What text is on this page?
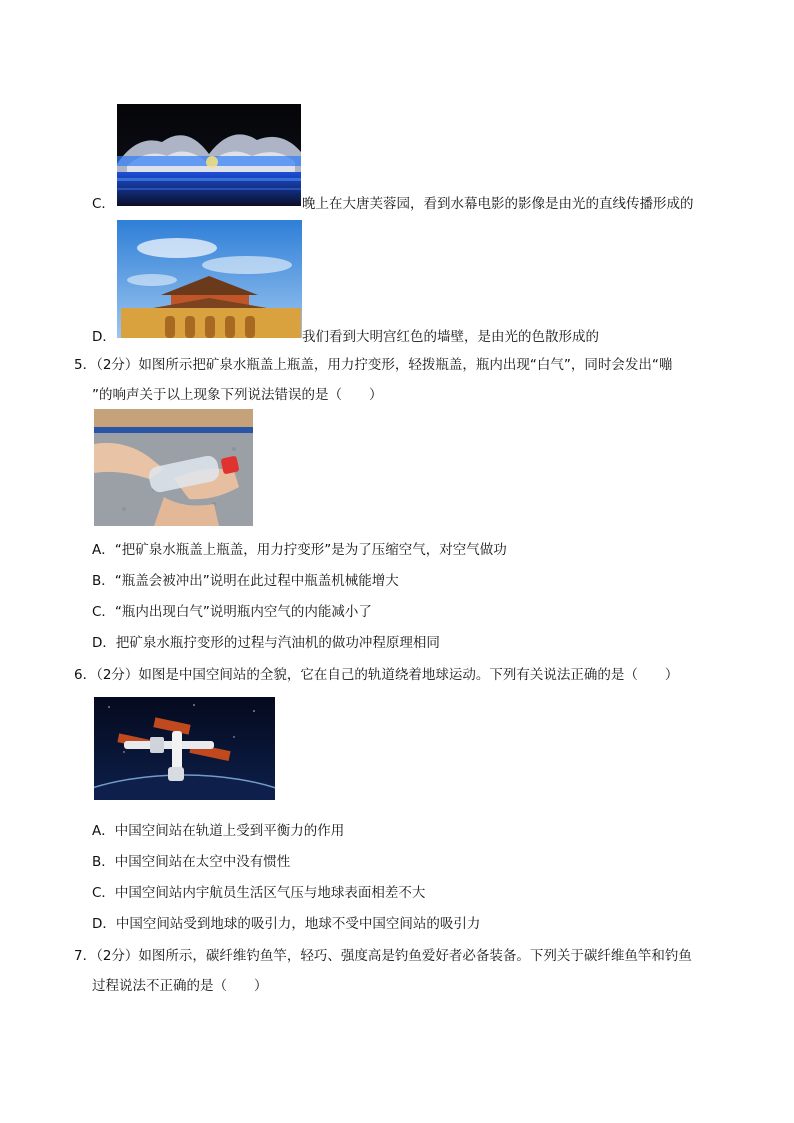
C．	晚上在大唐芙蓉园，看到水幕电影的影像是由光的直线传播形成的
D．	我们看到大明宫红色的墙壁，是由光的色散形成的
5．（2分）如图所示把矿泉水瓶盖上瓶盖，用力拧变形，轻拨瓶盖，瓶内出现“白气”，同时会发出“嘣
”的响声关于以上现象下列说法错误的是（　　）
A．“把矿泉水瓶盖上瓶盖，用力拧变形”是为了压缩空气，对空气做功
B．“瓶盖会被冲出”说明在此过程中瓶盖机械能增大
C．“瓶内出现白气”说明瓶内空气的内能减小了
D．把矿泉水瓶拧变形的过程与汽油机的做功冲程原理相同
6．（2分）如图是中国空间站的全貌，它在自己的轨道绕着地球运动。下列有关说法正确的是（　　）
A．中国空间站在轨道上受到平衡力的作用
B．中国空间站在太空中没有惯性
C．中国空间站内宇航员生活区气压与地球表面相差不大
D．中国空间站受到地球的吸引力，地球不受中国空间站的吸引力
7．（2分）如图所示，碳纤维钓鱼竿，轻巧、强度高是钓鱼爱好者必备装备。下列关于碳纤维鱼竿和钓鱼
过程说法不正确的是（　　）
